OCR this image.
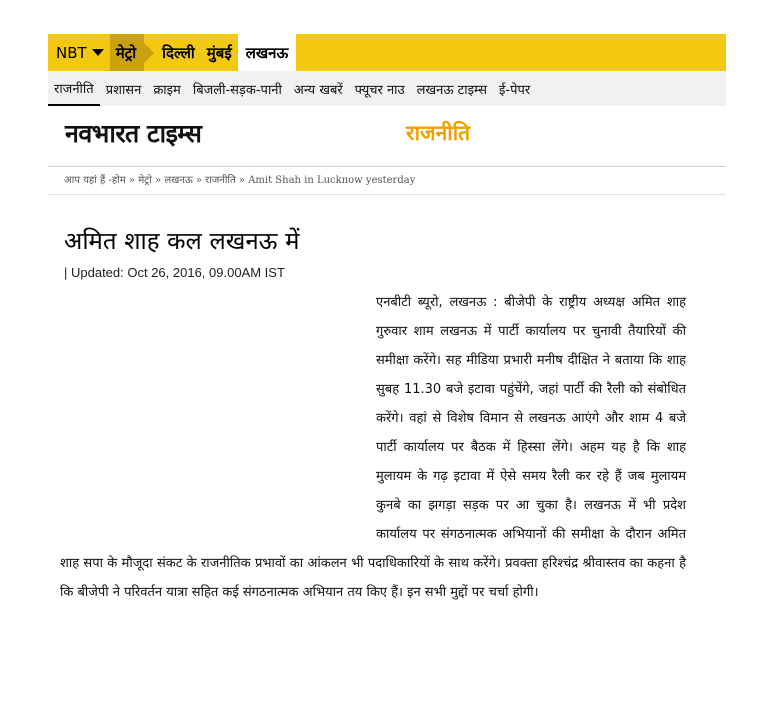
NBT	मेट्रो	दिल्ली मुंबई लखनऊ
राजनीति प्रशासन क्राइम बिजली-सड़क-पानी अन्य खबरें फ्यूचर नाउ लखनऊ टाइम्स ई-पेपर
नवभारत टाइम्स	राजनीति
आप यहां हैं -होम » मेट्रो » लखनऊ » राजनीति » Amit Shah in Lucknow yesterday
अमित शाह कल लखनऊ में
| Updated: Oct 26, 2016, 09.00AM IST
एनबीटी ब्यूरो, लखनऊ : बीजेपी के राष्ट्रीय अध्यक्ष अमित शाह गुरुवार शाम लखनऊ में पार्टी कार्यालय पर चुनावी तैयारियों की समीक्षा करेंगे। सह मीडिया प्रभारी मनीष दीक्षित ने बताया कि शाह सुबह 11.30 बजे इटावा पहुंचेंगे, जहां पार्टी की रैली को संबोधित करेंगे। वहां से विशेष विमान से लखनऊ आएंगे और शाम 4 बजे पार्टी कार्यालय पर बैठक में हिस्सा लेंगे। अहम यह है कि शाह मुलायम के गढ़ इटावा में ऐसे समय रैली कर रहे हैं जब मुलायम कुनबे का झगड़ा सड़क पर आ चुका है। लखनऊ में भी प्रदेश कार्यालय पर संगठनात्मक अभियानों की समीक्षा के दौरान अमित शाह सपा के मौजूदा संकट के राजनीतिक प्रभावों का आंकलन भी पदाधिकारियों के साथ करेंगे। प्रवक्ता हरिश्चंद्र श्रीवास्तव का कहना है कि बीजेपी ने परिवर्तन यात्रा सहित कई संगठनात्मक अभियान तय किए हैं। इन सभी मुद्दों पर चर्चा होगी।
